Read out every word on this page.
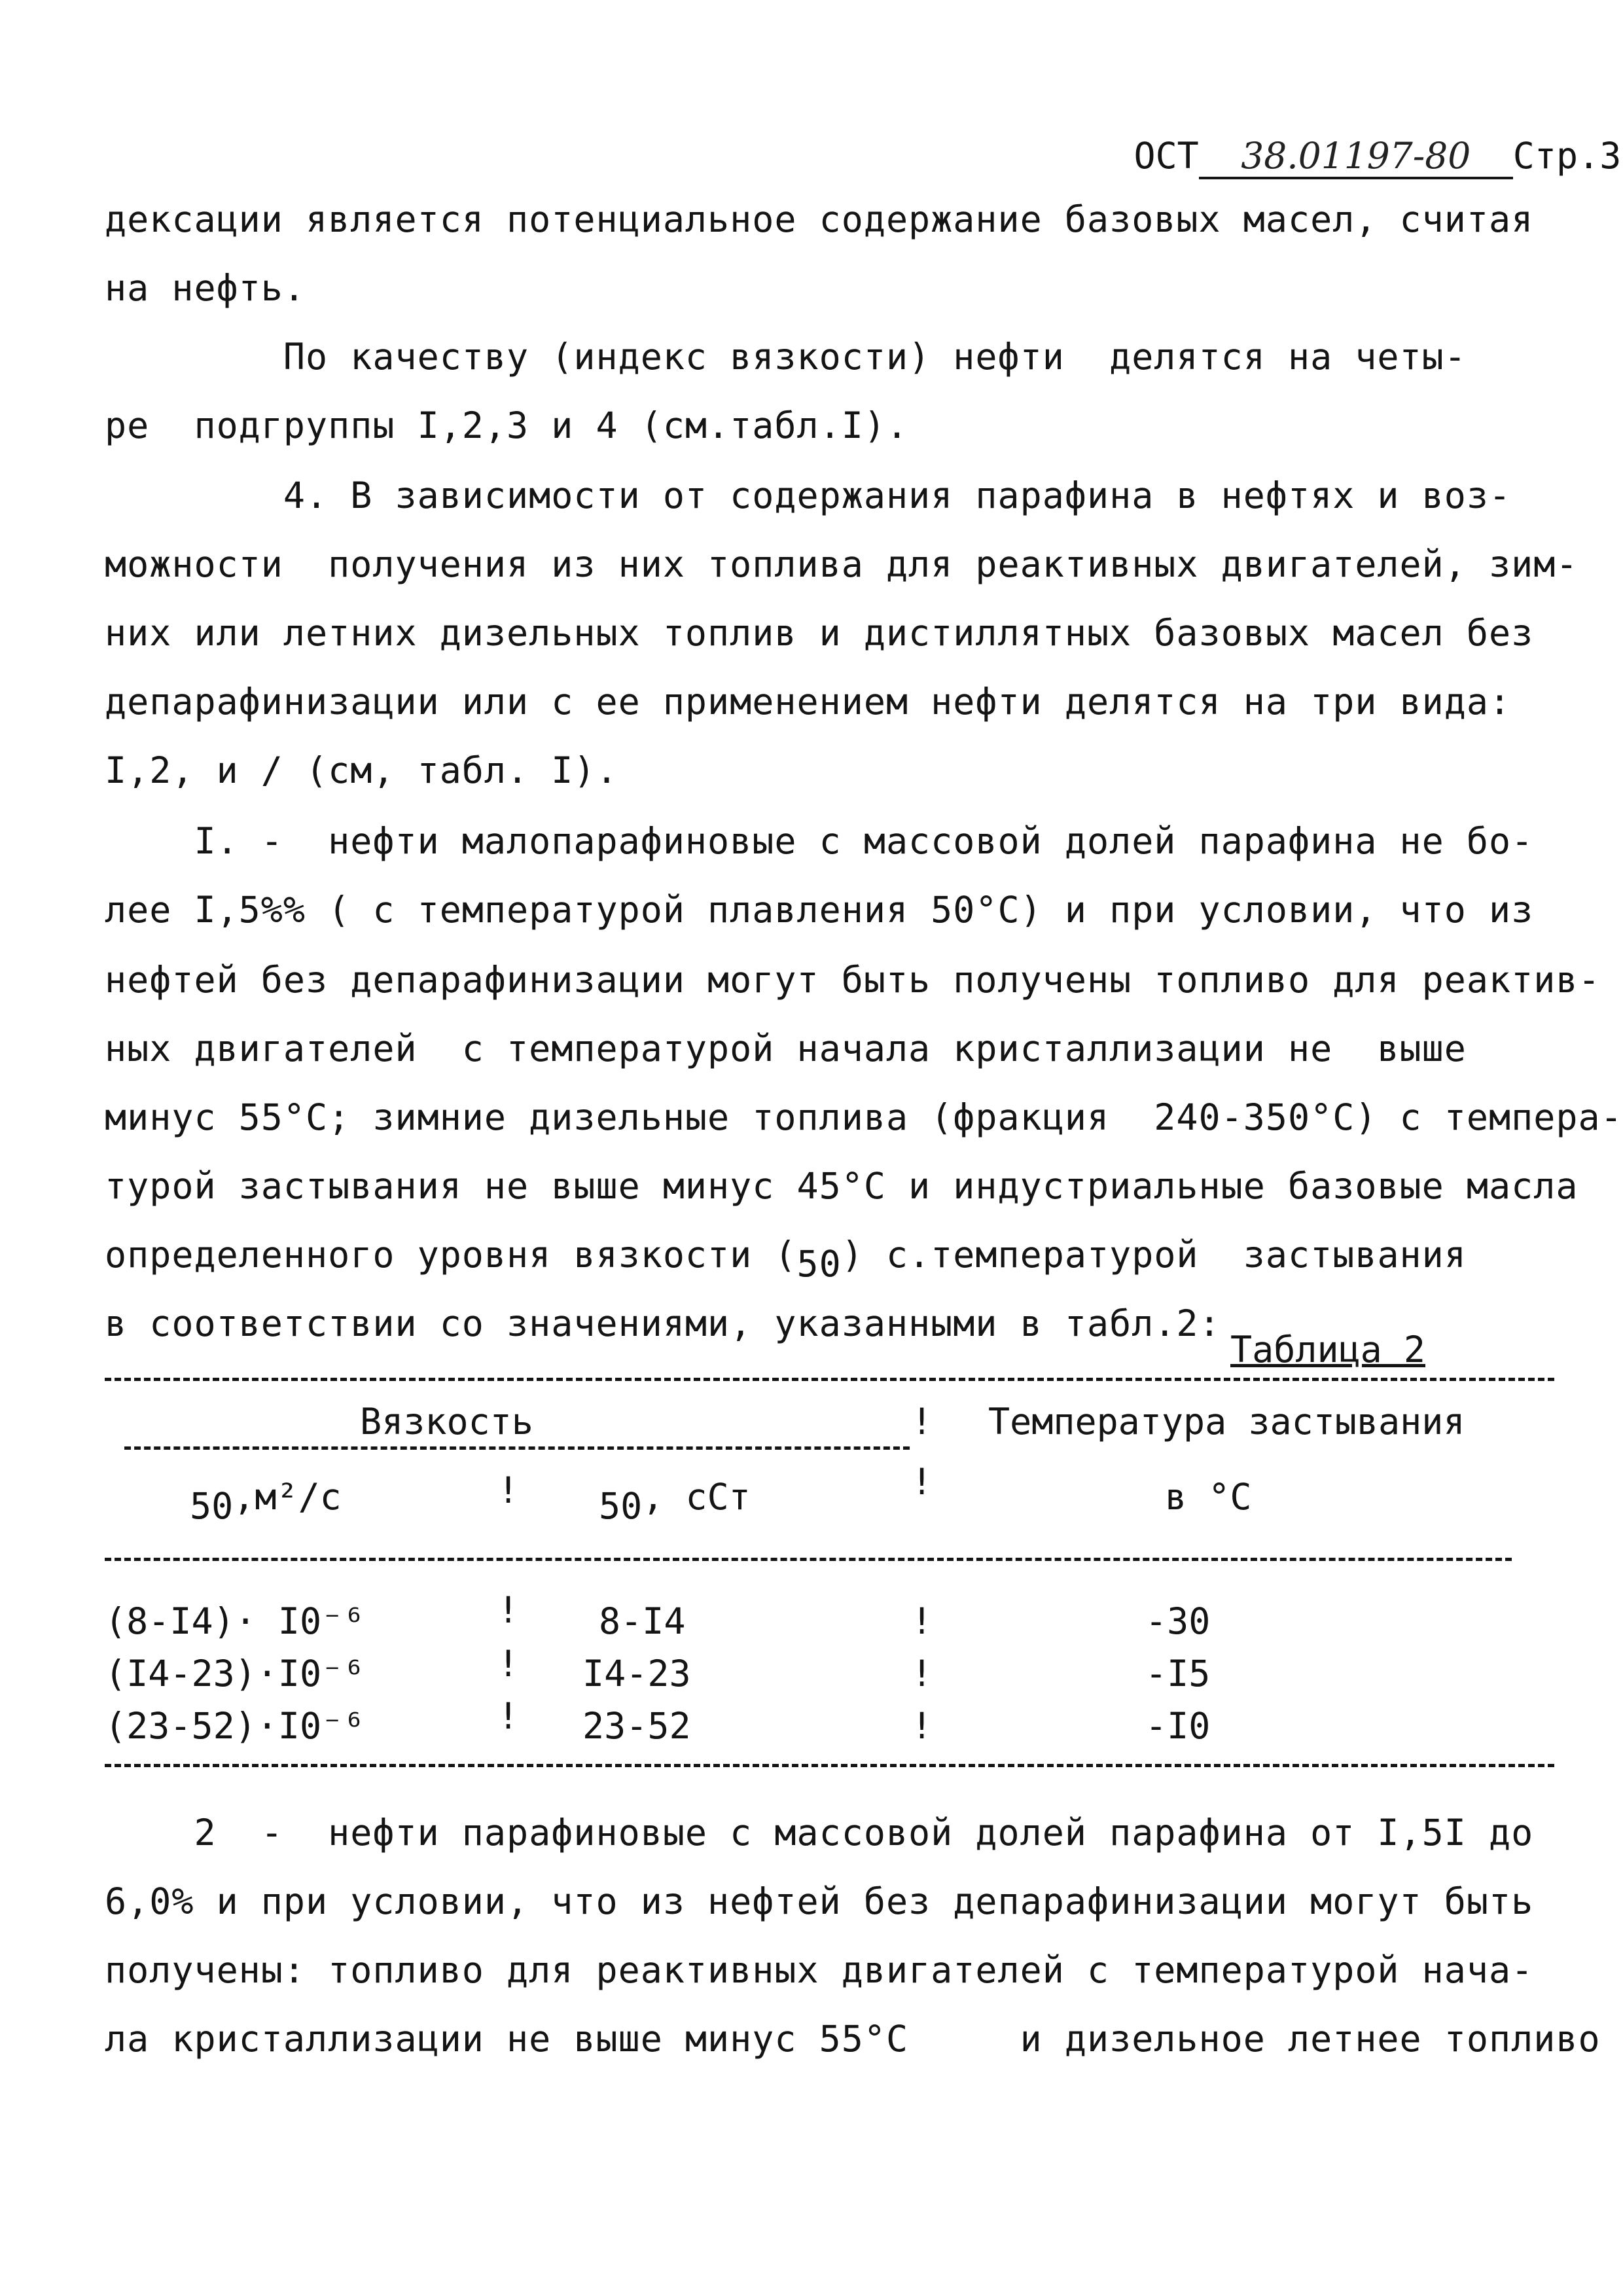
ОСТ 38.01197-80 Стр.3

дексации является потенциальное содержание базовых масел, считая
на нефть.
По качеству (индекс вязкости) нефти  делятся на четы-
ре  подгруппы I,2,3 и 4 (см.табл.I).
4. В зависимости от содержания парафина в нефтях и воз-
можности  получения из них топлива для реактивных двигателей, зим-
них или летних дизельных топлив и дистиллятных базовых масел без
депарафинизации или с ее применением нефти делятся на три вида:
I,2, и / (см, табл. I).
I. -  нефти малопарафиновые с массовой долей парафина не бо-
лее I,5%% ( с температурой плавления 50°С) и при условии, что из
нефтей без депарафинизации могут быть получены топливо для реактив-
ных двигателей  с температурой начала кристаллизации не  выше
минус 55°С; зимние дизельные топлива (фракция  240-350°С) с темпера-
турой застывания не выше минус 45°С и индустриальные базовые масла
определенного уровня вязкости (50) с.температурой  застывания
в соответствии со значениями, указанными в табл.2:
Таблица 2
Вязкость	! Температура застывания
50,м²/с	! 50, сСт	!	в °С
(8-I4)· I0⁻⁶	! 8-I4	!	-30
(I4-23)·I0⁻⁶	! I4-23	!	-I5
(23-52)·I0⁻⁶	! 23-52	!	-I0
2  -  нефти парафиновые с массовой долей парафина от I,5I до
6,0% и при условии, что из нефтей без депарафинизации могут быть
получены: топливо для реактивных двигателей с температурой нача-
ла кристаллизации не выше минус 55°С     и дизельное летнее топливо
